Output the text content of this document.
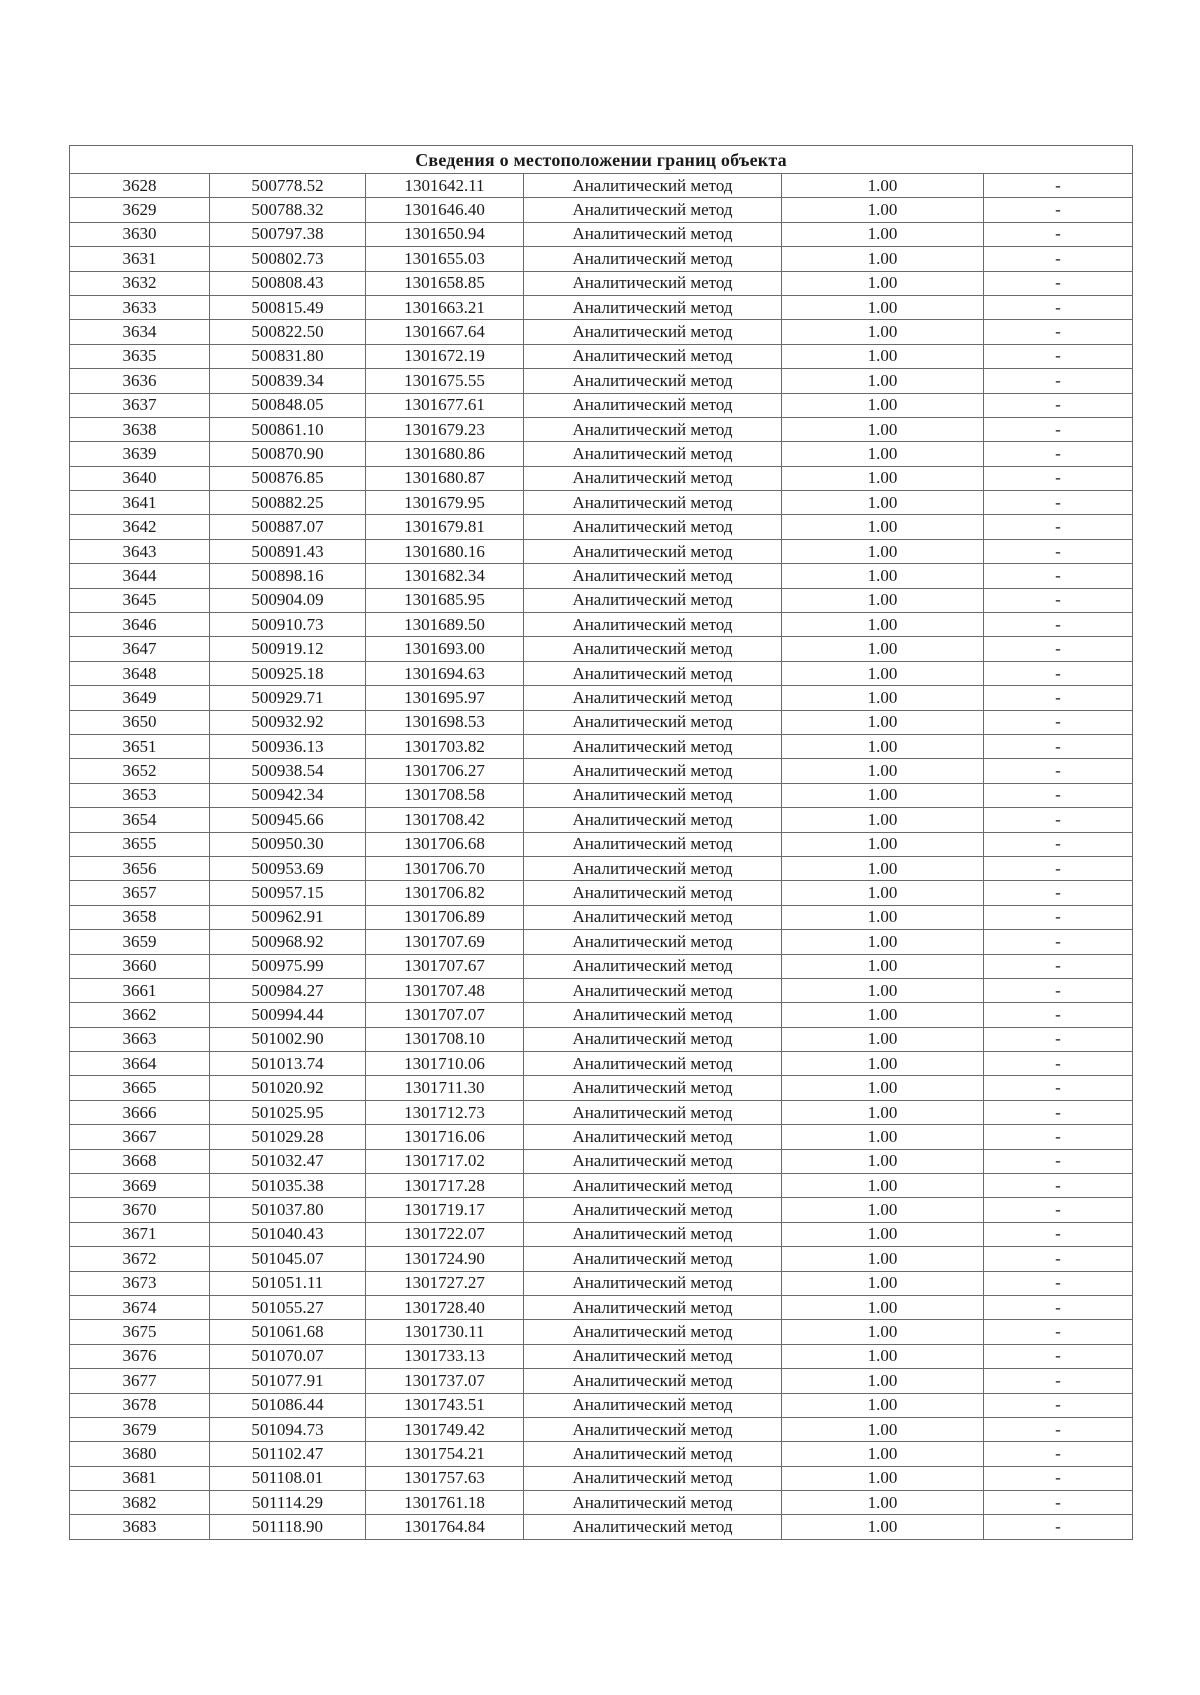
Сведения о местоположении границ объекта					
3628	500778.52	1301642.11	Аналитический метод	1.00	-
3629	500788.32	1301646.40	Аналитический метод	1.00	-
3630	500797.38	1301650.94	Аналитический метод	1.00	-
3631	500802.73	1301655.03	Аналитический метод	1.00	-
3632	500808.43	1301658.85	Аналитический метод	1.00	-
3633	500815.49	1301663.21	Аналитический метод	1.00	-
3634	500822.50	1301667.64	Аналитический метод	1.00	-
3635	500831.80	1301672.19	Аналитический метод	1.00	-
3636	500839.34	1301675.55	Аналитический метод	1.00	-
3637	500848.05	1301677.61	Аналитический метод	1.00	-
3638	500861.10	1301679.23	Аналитический метод	1.00	-
3639	500870.90	1301680.86	Аналитический метод	1.00	-
3640	500876.85	1301680.87	Аналитический метод	1.00	-
3641	500882.25	1301679.95	Аналитический метод	1.00	-
3642	500887.07	1301679.81	Аналитический метод	1.00	-
3643	500891.43	1301680.16	Аналитический метод	1.00	-
3644	500898.16	1301682.34	Аналитический метод	1.00	-
3645	500904.09	1301685.95	Аналитический метод	1.00	-
3646	500910.73	1301689.50	Аналитический метод	1.00	-
3647	500919.12	1301693.00	Аналитический метод	1.00	-
3648	500925.18	1301694.63	Аналитический метод	1.00	-
3649	500929.71	1301695.97	Аналитический метод	1.00	-
3650	500932.92	1301698.53	Аналитический метод	1.00	-
3651	500936.13	1301703.82	Аналитический метод	1.00	-
3652	500938.54	1301706.27	Аналитический метод	1.00	-
3653	500942.34	1301708.58	Аналитический метод	1.00	-
3654	500945.66	1301708.42	Аналитический метод	1.00	-
3655	500950.30	1301706.68	Аналитический метод	1.00	-
3656	500953.69	1301706.70	Аналитический метод	1.00	-
3657	500957.15	1301706.82	Аналитический метод	1.00	-
3658	500962.91	1301706.89	Аналитический метод	1.00	-
3659	500968.92	1301707.69	Аналитический метод	1.00	-
3660	500975.99	1301707.67	Аналитический метод	1.00	-
3661	500984.27	1301707.48	Аналитический метод	1.00	-
3662	500994.44	1301707.07	Аналитический метод	1.00	-
3663	501002.90	1301708.10	Аналитический метод	1.00	-
3664	501013.74	1301710.06	Аналитический метод	1.00	-
3665	501020.92	1301711.30	Аналитический метод	1.00	-
3666	501025.95	1301712.73	Аналитический метод	1.00	-
3667	501029.28	1301716.06	Аналитический метод	1.00	-
3668	501032.47	1301717.02	Аналитический метод	1.00	-
3669	501035.38	1301717.28	Аналитический метод	1.00	-
3670	501037.80	1301719.17	Аналитический метод	1.00	-
3671	501040.43	1301722.07	Аналитический метод	1.00	-
3672	501045.07	1301724.90	Аналитический метод	1.00	-
3673	501051.11	1301727.27	Аналитический метод	1.00	-
3674	501055.27	1301728.40	Аналитический метод	1.00	-
3675	501061.68	1301730.11	Аналитический метод	1.00	-
3676	501070.07	1301733.13	Аналитический метод	1.00	-
3677	501077.91	1301737.07	Аналитический метод	1.00	-
3678	501086.44	1301743.51	Аналитический метод	1.00	-
3679	501094.73	1301749.42	Аналитический метод	1.00	-
3680	501102.47	1301754.21	Аналитический метод	1.00	-
3681	501108.01	1301757.63	Аналитический метод	1.00	-
3682	501114.29	1301761.18	Аналитический метод	1.00	-
3683	501118.90	1301764.84	Аналитический метод	1.00	-
